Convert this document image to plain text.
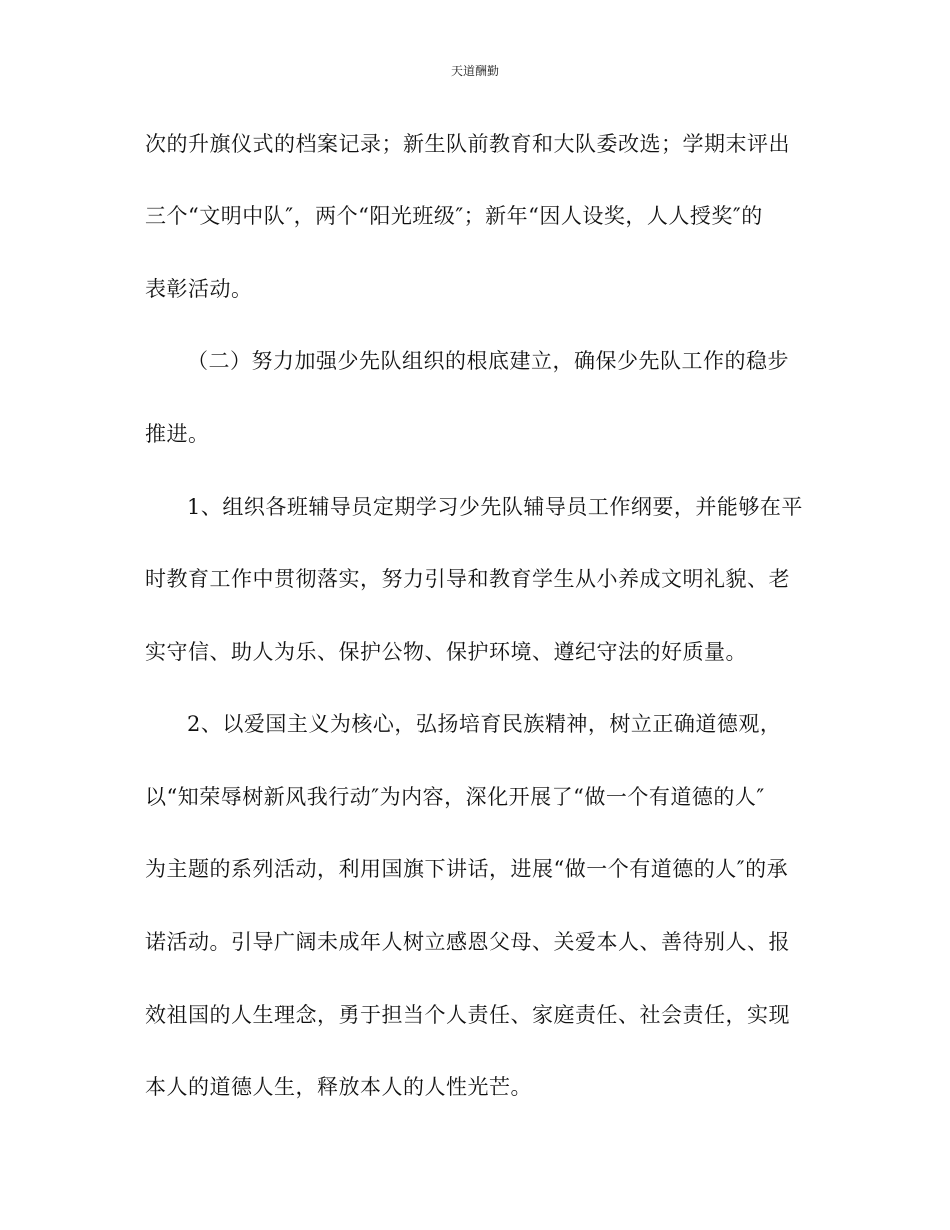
天道酬勤
次的升旗仪式的档案记录；新生队前教育和大队委改选；学期末评出
三个“文明中队″，两个“阳光班级″；新年“因人设奖，人人授奖″的
表彰活动。
（二）努力加强少先队组织的根底建立，确保少先队工作的稳步
推进。
1、组织各班辅导员定期学习少先队辅导员工作纲要，并能够在平
时教育工作中贯彻落实，努力引导和教育学生从小养成文明礼貌、老
实守信、助人为乐、保护公物、保护环境、遵纪守法的好质量。
2、以爱国主义为核心，弘扬培育民族精神，树立正确道德观，
以“知荣辱树新风我行动″为内容，深化开展了“做一个有道德的人″
为主题的系列活动，利用国旗下讲话，进展“做一个有道德的人″的承
诺活动。引导广阔未成年人树立感恩父母、关爱本人、善待别人、报
效祖国的人生理念，勇于担当个人责任、家庭责任、社会责任，实现
本人的道德人生，释放本人的人性光芒。
